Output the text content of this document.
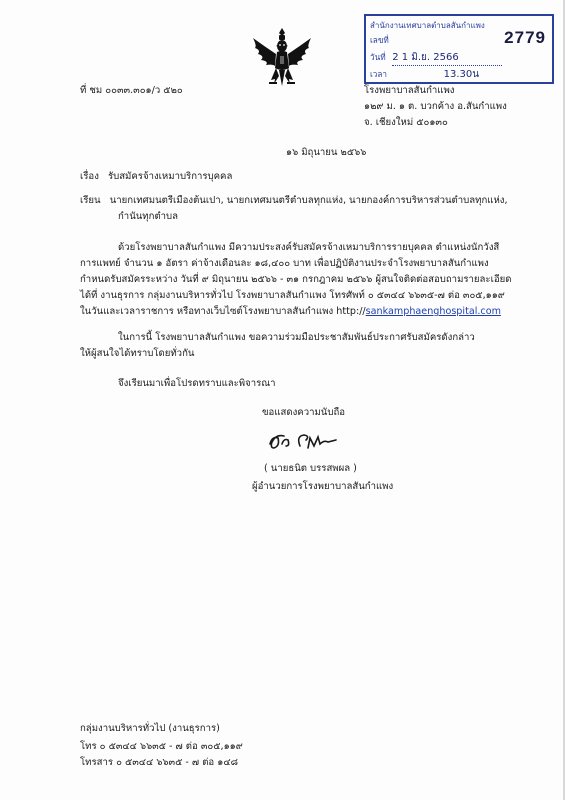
สำนักงานเทศบาลตำบลสันกำแพง
เลขที่	2779
วันที่ 2 1 มิ.ย. 2566
เวลา	13.30น
ที่ ชม ๐๐๓๓.๓๐๑/ว ๕๒๐	โรงพยาบาลสันกำแพง
๑๒๙ ม. ๑ ต. บวกค้าง อ.สันกำแพง
จ. เชียงใหม่ ๕๐๑๓๐
๑๖ มิถุนายน ๒๕๖๖
เรื่อง รับสมัครจ้างเหมาบริการบุคคล
เรียน นายกเทศมนตรีเมืองต้นเปา, นายกเทศมนตรีตำบลทุกแห่ง, นายกองค์การบริหารส่วนตำบลทุกแห่ง,
กำนันทุกตำบล
ด้วยโรงพยาบาลสันกำแพง มีความประสงค์รับสมัครจ้างเหมาบริการรายบุคคล ตำแหน่งนักวังสี
การแพทย์ จำนวน ๑ อัตรา ค่าจ้างเดือนละ ๑๘,๔๐๐ บาท เพื่อปฏิบัติงานประจำโรงพยาบาลสันกำแพง
กำหนดรับสมัครระหว่าง วันที่ ๙ มิถุนายน ๒๕๖๖ - ๓๑ กรกฎาคม ๒๕๖๖ ผู้สนใจติดต่อสอบถามรายละเอียด
ได้ที่ งานธุรการ กลุ่มงานบริหารทั่วไป โรงพยาบาลสันกำแพง โทรศัพท์ ๐ ๕๓๔๔ ๖๖๓๕-๗ ต่อ ๓๐๕,๑๑๙
ในวันและเวลาราชการ หรือทางเว็บไซต์โรงพยาบาลสันกำแพง http://sankamphaenghospital.com
ในการนี้ โรงพยาบาลสันกำแพง ขอความร่วมมือประชาสัมพันธ์ประกาศรับสมัครดังกล่าว
ให้ผู้สนใจได้ทราบโดยทั่วกัน
จึงเรียนมาเพื่อโปรดทราบและพิจารณา
ขอแสดงความนับถือ
( นายธนิต บรรสพผล )
ผู้อำนวยการโรงพยาบาลสันกำแพง
กลุ่มงานบริหารทั่วไป (งานธุรการ)
โทร ๐ ๕๓๔๔ ๖๖๓๕ - ๗ ต่อ ๓๐๕,๑๑๙
โทรสาร ๐ ๕๓๔๔ ๖๖๓๕ - ๗ ต่อ ๑๔๘
